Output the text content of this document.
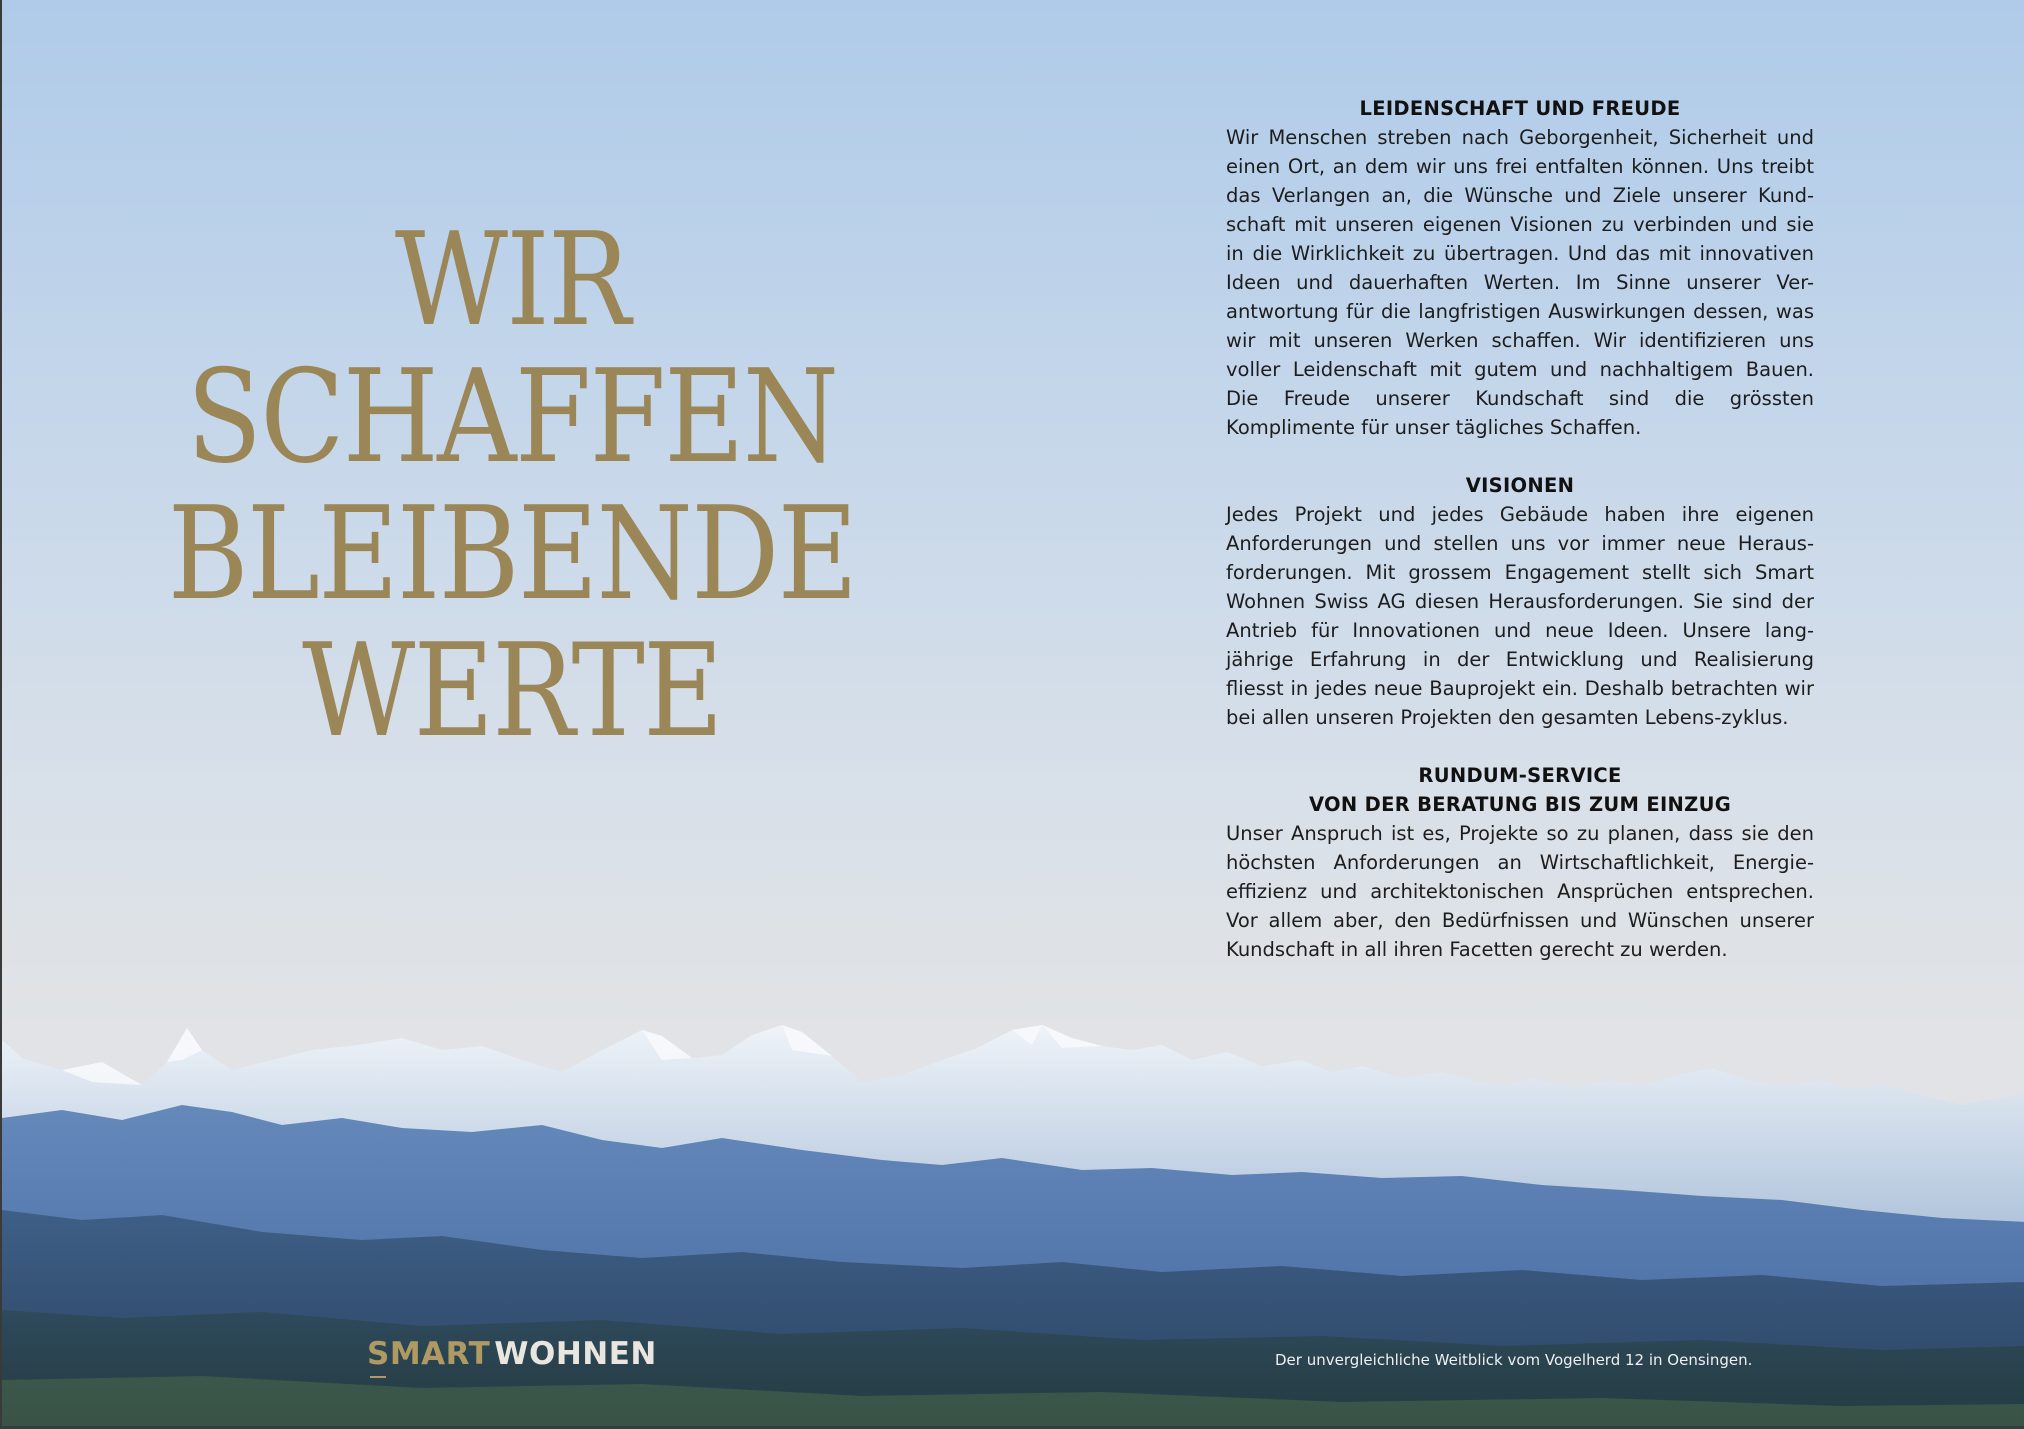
WIR
SCHAFFEN
BLEIBENDE
WERTE
LEIDENSCHAFT UND FREUDE

Wir Menschen streben nach Geborgenheit, Sicherheit und einen Ort, an dem wir uns frei entfalten können. Uns treibt das Verlangen an, die Wünsche und Ziele unserer Kund-schaft mit unseren eigenen Visionen zu verbinden und sie in die Wirklichkeit zu übertragen. Und das mit innovativen Ideen und dauerhaften Werten. Im Sinne unserer Ver-antwortung für die langfristigen Auswirkungen dessen, was wir mit unseren Werken schaffen. Wir identifizieren uns voller Leidenschaft mit gutem und nachhaltigem Bauen. Die Freude unserer Kundschaft sind die grössten Komplimente für unser tägliches Schaffen.

VISIONEN

Jedes Projekt und jedes Gebäude haben ihre eigenen Anforderungen und stellen uns vor immer neue Heraus-forderungen. Mit grossem Engagement stellt sich Smart Wohnen Swiss AG diesen Herausforderungen. Sie sind der Antrieb für Innovationen und neue Ideen. Unsere lang-jährige Erfahrung in der Entwicklung und Realisierung fliesst in jedes neue Bauprojekt ein. Deshalb betrachten wir bei allen unseren Projekten den gesamten Lebens-zyklus.

RUNDUM-SERVICE
VON DER BERATUNG BIS ZUM EINZUG

Unser Anspruch ist es, Projekte so zu planen, dass sie den höchsten Anforderungen an Wirtschaftlichkeit, Energie-effizienz und architektonischen Ansprüchen entsprechen. Vor allem aber, den Bedürfnissen und Wünschen unserer Kundschaft in all ihren Facetten gerecht zu werden.

SMART WOHNEN	Der unvergleichliche Weitblick vom Vogelherd 12 in Oensingen.
